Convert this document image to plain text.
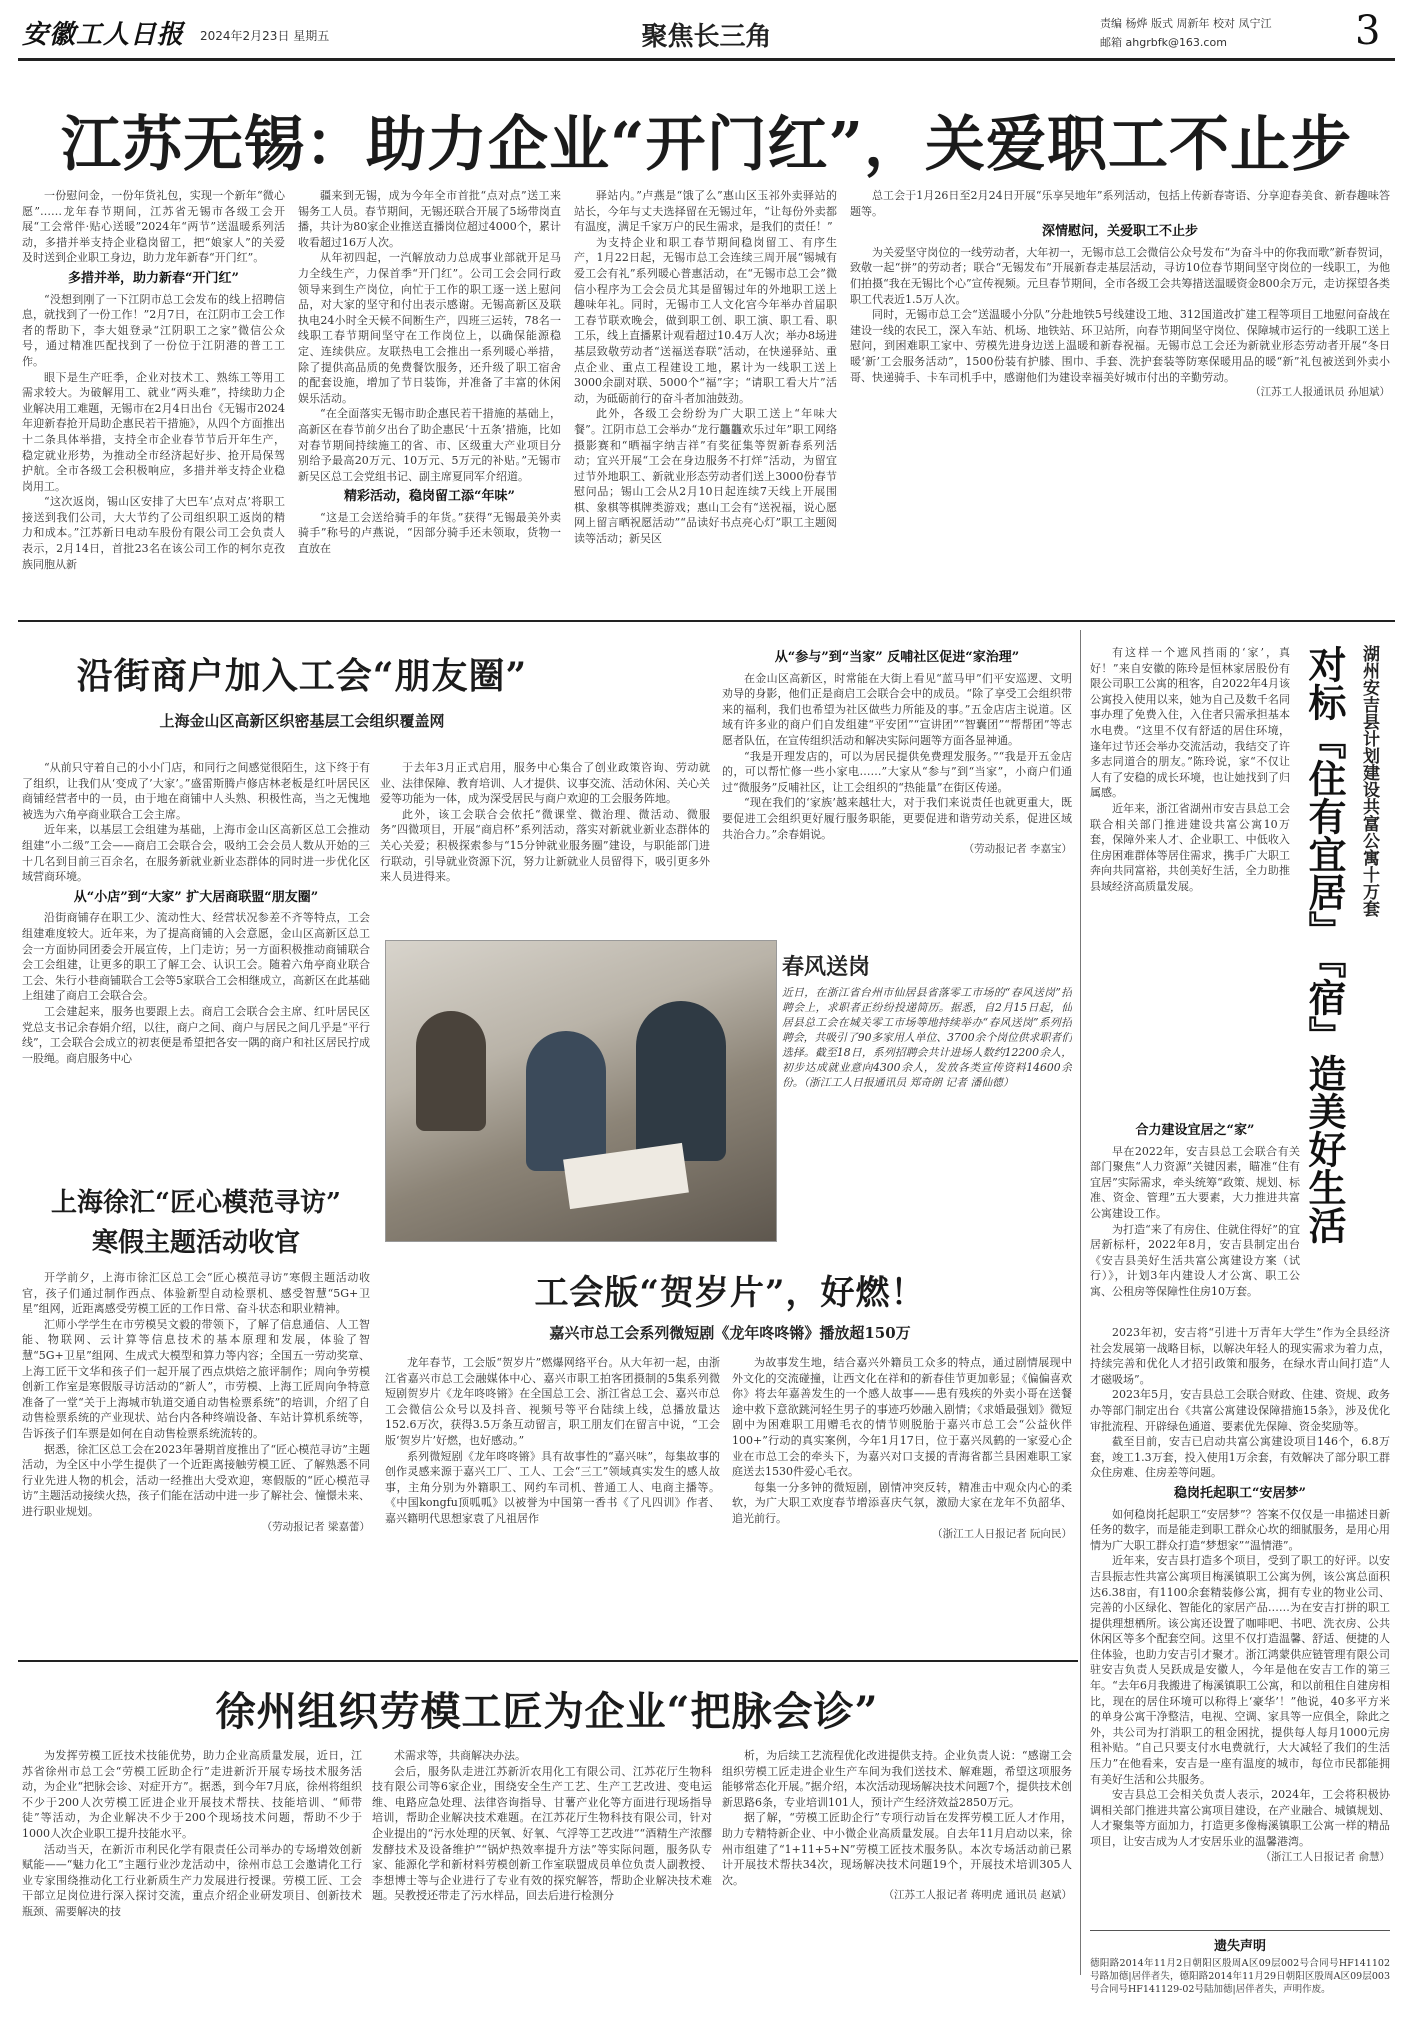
安徽工人日报 2024年2月23日 星期五	聚焦长三角	责编 杨烨 版式 周新年 校对 凤宁江
邮箱 ahgrbfk@163.com	3
江苏无锡：助力企业“开门红”，关爱职工不止步

一份慰问金，一份年货礼包，实现一个新年“微心愿”……龙年春节期间，江苏省无锡市各级工会开展“工会常伴·贴心送暖”2024年“两节”送温暖系列活动，多措并举支持企业稳岗留工，把“娘家人”的关爱及时送到企业职工身边，助力龙年新春“开门红”。

多措并举，助力新春“开门红”

“没想到刚了一下江阴市总工会发布的线上招聘信息，就找到了一份工作！”2月7日，在江阴市工会工作者的帮助下，李大姐登录“江阴职工之家”微信公众号，通过精准匹配找到了一份位于江阴港的普工工作。

眼下是生产旺季，企业对技术工、熟练工等用工需求较大。为破解用工、就业“两头难”，持续助力企业解决用工难题，无锡市在2月4日出台《无锡市2024年迎新春抢开局助企惠民若干措施》，从四个方面推出十二条具体举措，支持全市企业春节节后开年生产，稳定就业形势，为推动全市经济起好步、抢开局保驾护航。全市各级工会积极响应，多措并举支持企业稳岗用工。

“这次返岗，锡山区安排了大巴车‘点对点’将职工接送到我们公司，大大节约了公司组织职工返岗的精力和成本。”江苏新日电动车股份有限公司工会负责人表示，2月14日，首批23名在该公司工作的柯尔克孜族同胞从新

疆来到无锡，成为今年全市首批“点对点”送工来锡务工人员。春节期间，无锡还联合开展了5场带岗直播，共计为80家企业推送直播岗位超过4000个，累计收看超过16万人次。

从年初四起，一汽解放动力总成事业部就开足马力全线生产，力保首季“开门红”。公司工会会同行政领导来到生产岗位，向忙于工作的职工逐一送上慰问品，对大家的坚守和付出表示感谢。无锡高新区及联执电24小时全天候不间断生产，四班三运转，78名一线职工春节期间坚守在工作岗位上，以确保能源稳定、连续供应。友联热电工会推出一系列暖心举措，除了提供高品质的免费餐饮服务，还升级了职工宿舍的配套设施，增加了节日装饰，并准备了丰富的休闲娱乐活动。

“在全面落实无锡市助企惠民若干措施的基础上，高新区在春节前夕出台了助企惠民‘十五条’措施，比如对春节期间持续施工的省、市、区级重大产业项目分别给予最高20万元、10万元、5万元的补贴。”无锡市新吴区总工会党组书记、副主席夏同军介绍道。

精彩活动，稳岗留工添“年味”

“这是工会送给骑手的年货。”获得“无锡最美外卖骑手”称号的卢燕说，“因部分骑手还未领取，货物一直放在

驿站内。”卢燕是“饿了么”惠山区玉祁外卖驿站的站长，今年与丈夫选择留在无锡过年，“让每份外卖都有温度，满足千家万户的民生需求，是我们的责任！”

为支持企业和职工春节期间稳岗留工、有序生产，1月22日起，无锡市总工会连续三周开展“锡城有爱工会有礼”系列暖心普惠活动，在“无锡市总工会”微信小程序为工会会员尤其是留锡过年的外地职工送上趣味年礼。同时，无锡市工人文化宫今年举办首届职工春节联欢晚会，做到职工创、职工演、职工看、职工乐，线上直播累计观看超过10.4万人次；举办8场进基层致敬劳动者“送福送春联”活动，在快递驿站、重点企业、重点工程建设工地，累计为一线职工送上3000余副对联、5000个“福”字；“请职工看大片”活动，为砥砺前行的奋斗者加油鼓劲。

此外，各级工会纷纷为广大职工送上“年味大餐”。江阴市总工会举办“龙行龘龘欢乐过年”职工网络摄影赛和“晒福字纳吉祥”有奖征集等贺新春系列活动；宜兴开展“工会在身边服务不打烊”活动，为留宜过节外地职工、新就业形态劳动者们送上3000份春节慰问品；锡山工会从2月10日起连续7天线上开展围棋、象棋等棋牌类游戏；惠山工会有“送祝福，说心愿网上留言晒祝愿活动”“品读好书点亮心灯”职工主题阅读等活动；新吴区

总工会于1月26日至2月24日开展“乐享吴地年”系列活动，包括上传新春寄语、分享迎春美食、新春趣味答题等。

深情慰问，关爱职工不止步

为关爱坚守岗位的一线劳动者，大年初一，无锡市总工会微信公众号发布“为奋斗中的你我而歌”新春贺词，致敬一起“拼”的劳动者；联合“无锡发布”开展新春走基层活动，寻访10位春节期间坚守岗位的一线职工，为他们拍摄“我在无锡比个心”宣传视频。元旦春节期间，全市各级工会共筹措送温暖资金800余万元，走访探望各类职工代表近1.5万人次。

同时，无锡市总工会“送温暖小分队”分赴地铁5号线建设工地、312国道改扩建工程等项目工地慰问奋战在建设一线的农民工，深入车站、机场、地铁站、环卫站所，向春节期间坚守岗位、保障城市运行的一线职工送上慰问，到困难职工家中、劳模先进身边送上温暖和新春祝福。无锡市总工会还为新就业形态劳动者开展“冬日暖‘新’工会服务活动”，1500份装有护膝、围巾、手套、洗护套装等防寒保暖用品的暖“新”礼包被送到外卖小哥、快递骑手、卡车司机手中，感谢他们为建设幸福美好城市付出的辛勤劳动。

（江苏工人报通讯员 孙旭斌）
沿街商户加入工会“朋友圈”
上海金山区高新区织密基层工会组织覆盖网

“从前只守着自己的小小门店，和同行之间感觉很陌生，这下终于有了组织，让我们从‘变成了’大家’。”盛雷斯腾卢修店林老板是红叶居民区商铺经营者中的一员，由于地在商铺中人头熟、积极性高，当之无愧地被选为六角亭商业联合工会主席。

近年来，以基层工会组建为基础，上海市金山区高新区总工会推动组建“小二级”工会——商启工会联合会，吸纳工会会员人数从开始的三十几名到目前三百余名，在服务新就业新业态群体的同时进一步优化区域营商环境。

从“小店”到“大家” 扩大居商联盟“朋友圈”

沿街商铺存在职工少、流动性大、经营状况参差不齐等特点，工会组建难度较大。近年来，为了提高商铺的入会意愿，金山区高新区总工会一方面协同团委会开展宣传，上门走访；另一方面积极推动商铺联合会工会组建，让更多的职工了解工会、认识工会。随着六角亭商业联合工会、朱行小巷商铺联合工会等5家联合工会相继成立，高新区在此基础上组建了商启工会联合会。

工会建起来，服务也要跟上去。商启工会联合会主席、红叶居民区党总支书记余春娟介绍，以往，商户之间、商户与居民之间几乎是“平行线”，工会联合会成立的初衷便是希望把各安一隅的商户和社区居民拧成一股绳。商启服务中心

于去年3月正式启用，服务中心集合了创业政策咨询、劳动就业、法律保障、教育培训、人才提供、议事交流、活动休闲、关心关爱等功能为一体，成为深受居民与商户欢迎的工会服务阵地。

此外，该工会联合会依托“微课堂、微治理、微活动、微服务”四微项目，开展“商启杯”系列活动，落实对新就业新业态群体的关心关爱；积极探索参与“15分钟就业服务圈”建设，与职能部门进行联动，引导就业资源下沉，努力让新就业人员留得下，吸引更多外来人员进得来。

从“参与”到“当家” 反哺社区促进“家治理”

在金山区高新区，时常能在大街上看见“蓝马甲”们平安巡逻、文明劝导的身影，他们正是商启工会联合会中的成员。“除了享受工会组织带来的福利，我们也希望为社区做些力所能及的事。”五金店店主说道。区域有许多业的商户们自发组建“平安团”“宣讲团”“智囊团”“帮帮团”等志愿者队伍，在宣传组织活动和解决实际问题等方面各显神通。

“我是开理发店的，可以为居民提供免费理发服务。”“我是开五金店的，可以帮忙修一些小家电……”大家从“参与”到“当家”，小商户们通过“微服务”反哺社区，让工会组织的“热能量”在街区传递。

“现在我们的‘家族’越来越壮大，对于我们来说责任也就更重大，既要促进工会组织更好履行服务职能，更要促进和谐劳动关系，促进区域共治合力。”余春娟说。

（劳动报记者 李嘉宝）
春风送岗
近日，在浙江省台州市仙居县省落零工市场的“春风送岗”招聘会上，求职者正纷纷投递简历。据悉，自2月15日起，仙居县总工会在城关零工市场等地持续举办“春风送岗”系列招聘会，共吸引了90多家用人单位、3700余个岗位供求职者们选择。截至18日，系列招聘会共计进场人数约12200余人，初步达成就业意向4300余人，发放各类宣传资料14600余份。（浙江工人日报通讯员 郑奇朗 记者 潘仙德）
上海徐汇“匠心模范寻访”
寒假主题活动收官

开学前夕，上海市徐汇区总工会“匠心模范寻访”寒假主题活动收官，孩子们通过制作西点、体验新型自动检票机、感受智慧“5G+卫星”组网，近距离感受劳模工匠的工作日常、奋斗状态和职业精神。

汇师小学学生在市劳模吴文毅的带领下，了解了信息通信、人工智能、物联网、云计算等信息技术的基本原理和发展，体验了智慧“5G+卫星”组网、生成式大模型和算力等内容；全国五一劳动奖章、上海工匠干文华和孩子们一起开展了西点烘焙之旅评制作；周向争劳模创新工作室是寒假版寻访活动的“新人”，市劳模、上海工匠周向争特意准备了一堂“关于上海城市轨道交通自动售检票系统”的培训，介绍了自动售检票系统的产业现状、站台内各种终端设备、车站计算机系统等，告诉孩子们车票是如何在自动售检票系统流转的。

据悉，徐汇区总工会在2023年暑期首度推出了“匠心模范寻访”主题活动，为全区中小学生提供了一个近距离接触劳模工匠、了解熟悉不同行业先进人物的机会，活动一经推出大受欢迎，寒假版的“匠心模范寻访”主题活动接续火热，孩子们能在活动中进一步了解社会、憧憬未来、进行职业规划。

（劳动报记者 梁嘉蕾）
工会版“贺岁片”，好燃！
嘉兴市总工会系列微短剧《龙年咚咚锵》播放超150万

龙年春节，工会版“贺岁片”燃爆网络平台。从大年初一起，由浙江省嘉兴市总工会融媒体中心、嘉兴市职工拍客团摄制的5集系列微短剧贺岁片《龙年咚咚锵》在全国总工会、浙江省总工会、嘉兴市总工会微信公众号以及抖音、视频号等平台陆续上线，总播放量达152.6万次，获得3.5万条互动留言，职工朋友们在留言中说，“工会版‘贺岁片’好燃，也好感动。”

系列微短剧《龙年咚咚锵》具有故事性的“嘉兴味”，每集故事的创作灵感来源于嘉兴工厂、工人、工会“三工”领域真实发生的感人故事，主角分别为外籍职工、网约车司机、普通工人、电商主播等。《中国kongfu顶呱呱》以被誉为中国第一香书《了凡四训》作者、嘉兴籍明代思想家袁了凡祖居作

为故事发生地，结合嘉兴外籍员工众多的特点，通过剧情展现中外文化的交流碰撞，让西文化在祥和的新春佳节更加彰显；《偏偏喜欢你》将去年嘉善发生的一个感人故事——患有残疾的外卖小哥在送餐途中救下意欲跳河轻生男子的事迹巧妙融入剧情；《求婚最强划》微短剧中为困难职工用赠毛衣的情节则脱胎于嘉兴市总工会“公益伙伴100+”行动的真实案例，今年1月17日，位于嘉兴凤鹤的一家爱心企业在市总工会的牵头下，为嘉兴对口支援的青海省都兰县困难职工家庭送去1530件爱心毛衣。

每集一分多钟的微短剧，剧情冲突反转，精准击中观众内心的柔软，为广大职工欢度春节增添喜庆气氛，激励大家在龙年不负韶华、追光前行。

（浙江工人日报记者 阮向民）
徐州组织劳模工匠为企业“把脉会诊”

为发挥劳模工匠技术技能优势，助力企业高质量发展，近日，江苏省徐州市总工会“劳模工匠助企行”走进新沂开展专场技术服务活动，为企业“把脉会诊、对症开方”。据悉，到今年7月底，徐州将组织不少于200人次劳模工匠进企业开展技术帮扶、技能培训、“师带徒”等活动，为企业解决不少于200个现场技术问题，帮助不少于1000人次企业职工提升技能水平。

活动当天，在新沂市利民化学有限责任公司举办的专场增效创新赋能——“魅力化工”主题行业沙龙活动中，徐州市总工会邀请化工行业专家围绕推动化工行业新质生产力发展进行授课。劳模工匠、工会干部立足岗位进行深入探讨交流，重点介绍企业研发项目、创新技术瓶颈、需要解决的技

术需求等，共商解决办法。

会后，服务队走进江苏新沂农用化工有限公司、江苏花厅生物科技有限公司等6家企业，围绕安全生产工艺、生产工艺改进、变电运维、电路应急处理、法律咨询指导、甘薯产业化等方面进行现场指导培训，帮助企业解决技术难题。在江苏花厅生物科技有限公司，针对企业提出的“污水处理的厌氧、好氧、气浮等工艺改进”“酒精生产浓醪发酵技术及设备维护”“锅炉热效率提升方法”等实际问题，服务队专家、能源化学和新材料劳模创新工作室联盟成员单位负责人副教授、李想博士等与企业进行了专业有效的探究解答，帮助企业解决技术难题。吴教授还带走了污水样品，回去后进行检测分

析，为后续工艺流程优化改进提供支持。企业负责人说：“感谢工会组织劳模工匠走进企业生产车间为我们送技术、解难题，希望这项服务能够常态化开展。”据介绍，本次活动现场解决技术问题7个，提供技术创新思路6条，专业培训101人，预计产生经济效益2850万元。

据了解，“劳模工匠助企行”专项行动旨在发挥劳模工匠人才作用，助力专精特新企业、中小微企业高质量发展。自去年11月启动以来，徐州市组建了“1+11+5+N”劳模工匠技术服务队。本次专场活动前已累计开展技术帮扶34次，现场解决技术问题19个，开展技术培训305人次。

（江苏工人报记者 蒋明虎 通讯员 赵斌）

有这样一个遮风挡雨的‘家’，真好！”来自安徽的陈玲是恒林家居股份有限公司职工公寓的租客，自2022年4月该公寓投入使用以来，她为自己及数千名同事办理了免费入住，入住者只需承担基本水电费。“这里不仅有舒适的居住环境，逢年过节还会举办交流活动，我结交了许多志同道合的朋友。”陈玲说，家“不仅让人有了安稳的成长环境，也让她找到了归属感。

近年来，浙江省湖州市安吉县总工会联合相关部门推进建设共富公寓10万套，保障外来人才、企业职工、中低收入住房困难群体等居住需求，携手广大职工奔向共同富裕，共创美好生活，全力助推县域经济高质量发展。	湖州安吉县计划建设共富公寓十万套
对标『住有宜居』
『宿』造美好生活
合力建设宜居之“家”

早在2022年，安吉县总工会联合有关部门聚焦“人力资源”关键因素，瞄准“住有宜居”实际需求，牵头统筹“政策、规划、标准、资金、管理”五大要素，大力推进共富公寓建设工作。

为打造“来了有房住、住就住得好”的宜居新标杆，2022年8月，安吉县制定出台《安吉县美好生活共富公寓建设方案（试行）》，计划3年内建设人才公寓、职工公寓、公租房等保障性住房10万套。

2023年初，安吉将“引进十万青年大学生”作为全县经济社会发展第一战略目标，以解决年轻人的现实需求为着力点，持续完善和优化人才招引政策和服务，在绿水青山间打造“人才磁吸场”。

2023年5月，安吉县总工会联合财政、住建、资规、政务办等部门制定出台《共富公寓建设保障措施15条》，涉及优化审批流程、开辟绿色通道、要素优先保障、资金奖励等。

截至目前，安吉已启动共富公寓建设项目146个，6.8万套，竣工1.3万套，投入使用1万余套，有效解决了部分职工群众住房难、住房差等问题。

稳岗托起职工“安居梦”

如何稳岗托起职工“安居梦”？答案不仅仅是一串描述日新任务的数字，而是能走到职工群众心坎的细腻服务，是用心用情为广大职工群众打造“梦想家”“温情港”。

近年来，安吉县打造多个项目，受到了职工的好评。以安吉县振志性共富公寓项目梅溪镇职工公寓为例，该公寓总面积达6.38亩，有1100余套精装修公寓，拥有专业的物业公司、完善的小区绿化、智能化的家居产品……为在安吉打拼的职工提供理想栖所。该公寓还设置了咖啡吧、书吧、洗衣房、公共休闲区等多个配套空间。这里不仅打造温馨、舒适、便捷的人住体验，也助力安吉引才聚才。浙江鸿蒙供应链管理有限公司驻安吉负责人吴跃成是安徽人，今年是他在安吉工作的第三年。“去年6月我搬进了梅溪镇职工公寓，和以前租住自建房相比，现在的居住环境可以称得上‘豪华’！”他说，40多平方米的单身公寓干净整洁，电视、空调、家具等一应俱全，除此之外，共公司为打消职工的租金困扰，提供每人每月1000元房租补贴。“自己只要支付水电费就行，大大减轻了我们的生活压力”在他看来，安吉是一座有温度的城市，每位市民都能拥有美好生活和公共服务。

安吉县总工会相关负责人表示，2024年，工会将积极协调相关部门推进共富公寓项目建设，在产业融合、城镇规划、人才聚集等方面加力，打造更多像梅溪镇职工公寓一样的精品项目，让安吉成为人才安居乐业的温馨港湾。

（浙江工人日报记者 俞慧）
遗失声明
德阳路2014年11月2日朝阳区殷周A区09层002号合同号HF141102号路加德|居伴者失，德阳路2014年11月29日朝阳区殷周A区09层003号合同号HF141129-02号陆加德|居伴者失，声明作废。
